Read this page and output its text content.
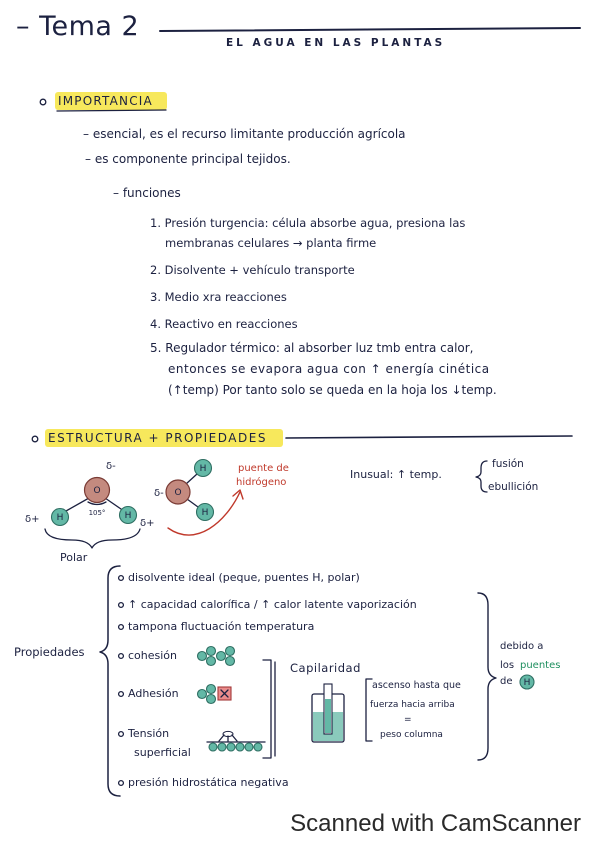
O
H	H
δ-
δ+	δ+
105°
Polar
O
H
H
δ-
puente de
hidrógeno
H
– Tema 2
EL AGUA EN LAS PLANTAS
IMPORTANCIA
– esencial, es el recurso limitante producción agrícola
– es componente principal tejidos.
– funciones
1. Presión turgencia: célula absorbe agua, presiona las
membranas celulares → planta firme
2. Disolvente + vehículo transporte
3. Medio xra reacciones
4. Reactivo en reacciones
5. Regulador térmico: al absorber luz tmb entra calor,
entonces se evapora agua con ↑ energía cinética
(↑temp) Por tanto solo se queda en la hoja los ↓temp.
ESTRUCTURA + PROPIEDADES
Inusual: ↑ temp.
fusión
ebullición
Propiedades
disolvente ideal (peque, puentes H, polar)
↑ capacidad calorífica / ↑ calor latente vaporización
tampona fluctuación temperatura
cohesión
Adhesión
Tensión
superficial
presión hidrostática negativa
Capilaridad
ascenso hasta que
fuerza hacia arriba
=
peso columna
debido a
los puentes
de
Scanned with CamScanner
